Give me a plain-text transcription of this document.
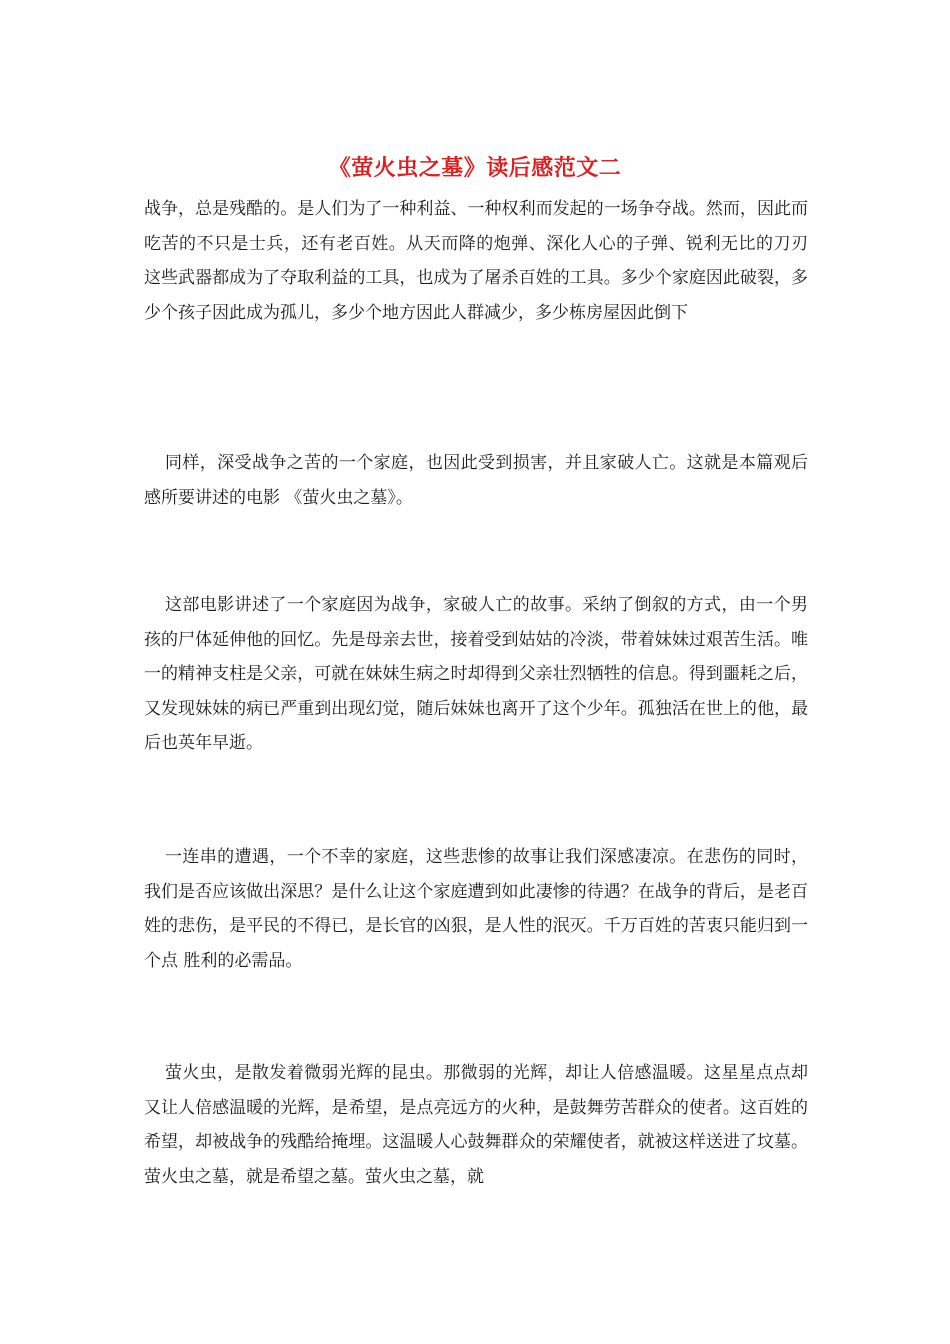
《萤火虫之墓》读后感范文二

战争，总是残酷的。是人们为了一种利益、一种权利而发起的一场争夺战。然而，因此而吃苦的不只是士兵，还有老百姓。从天而降的炮弹、深化人心的子弹、锐利无比的刀刃 这些武器都成为了夺取利益的工具，也成为了屠杀百姓的工具。多少个家庭因此破裂，多少个孩子因此成为孤儿，多少个地方因此人群减少，多少栋房屋因此倒下

同样，深受战争之苦的一个家庭，也因此受到损害，并且家破人亡。这就是本篇观后感所要讲述的电影 《萤火虫之墓》。

这部电影讲述了一个家庭因为战争，家破人亡的故事。采纳了倒叙的方式，由一个男孩的尸体延伸他的回忆。先是母亲去世，接着受到姑姑的冷淡，带着妹妹过艰苦生活。唯一的精神支柱是父亲，可就在妹妹生病之时却得到父亲壮烈牺牲的信息。得到噩耗之后，又发现妹妹的病已严重到出现幻觉，随后妹妹也离开了这个少年。孤独活在世上的他，最后也英年早逝。

一连串的遭遇，一个不幸的家庭，这些悲惨的故事让我们深感凄凉。在悲伤的同时，我们是否应该做出深思？是什么让这个家庭遭到如此凄惨的待遇？在战争的背后，是老百姓的悲伤，是平民的不得已，是长官的凶狠，是人性的泯灭。千万百姓的苦衷只能归到一个点 胜利的必需品。

萤火虫，是散发着微弱光辉的昆虫。那微弱的光辉，却让人倍感温暖。这星星点点却又让人倍感温暖的光辉，是希望，是点亮远方的火种，是鼓舞劳苦群众的使者。这百姓的希望，却被战争的残酷给掩埋。这温暖人心鼓舞群众的荣耀使者，就被这样送进了坟墓。萤火虫之墓，就是希望之墓。萤火虫之墓，就
